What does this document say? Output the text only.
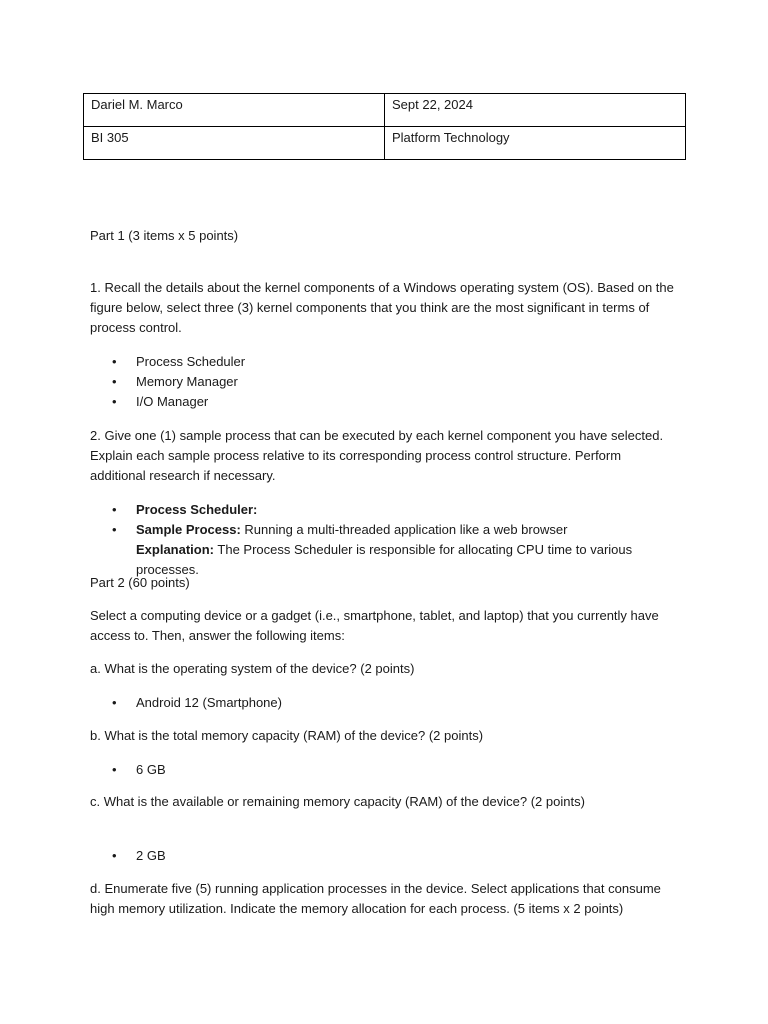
Dariel M. Marco	Sept 22, 2024

BI 305	Platform Technology

Part 1 (3 items x 5 points)

1. Recall the details about the kernel components of a Windows operating system (OS). Based on the figure below, select three (3) kernel components that you think are the most significant in terms of process control.

• Process Scheduler
• Memory Manager
• I/O Manager

2. Give one (1) sample process that can be executed by each kernel component you have selected. Explain each sample process relative to its corresponding process control structure. Perform additional research if necessary.

• Process Scheduler:
• Sample Process: Running a multi-threaded application like a web browser
Explanation: The Process Scheduler is responsible for allocating CPU time to various processes.

Part 2 (60 points)

Select a computing device or a gadget (i.e., smartphone, tablet, and laptop) that you currently have access to. Then, answer the following items:

a. What is the operating system of the device? (2 points)

• Android 12 (Smartphone)

b. What is the total memory capacity (RAM) of the device? (2 points)

• 6 GB

c. What is the available or remaining memory capacity (RAM) of the device? (2 points)

• 2 GB

d. Enumerate five (5) running application processes in the device. Select applications that consume high memory utilization. Indicate the memory allocation for each process. (5 items x 2 points)
